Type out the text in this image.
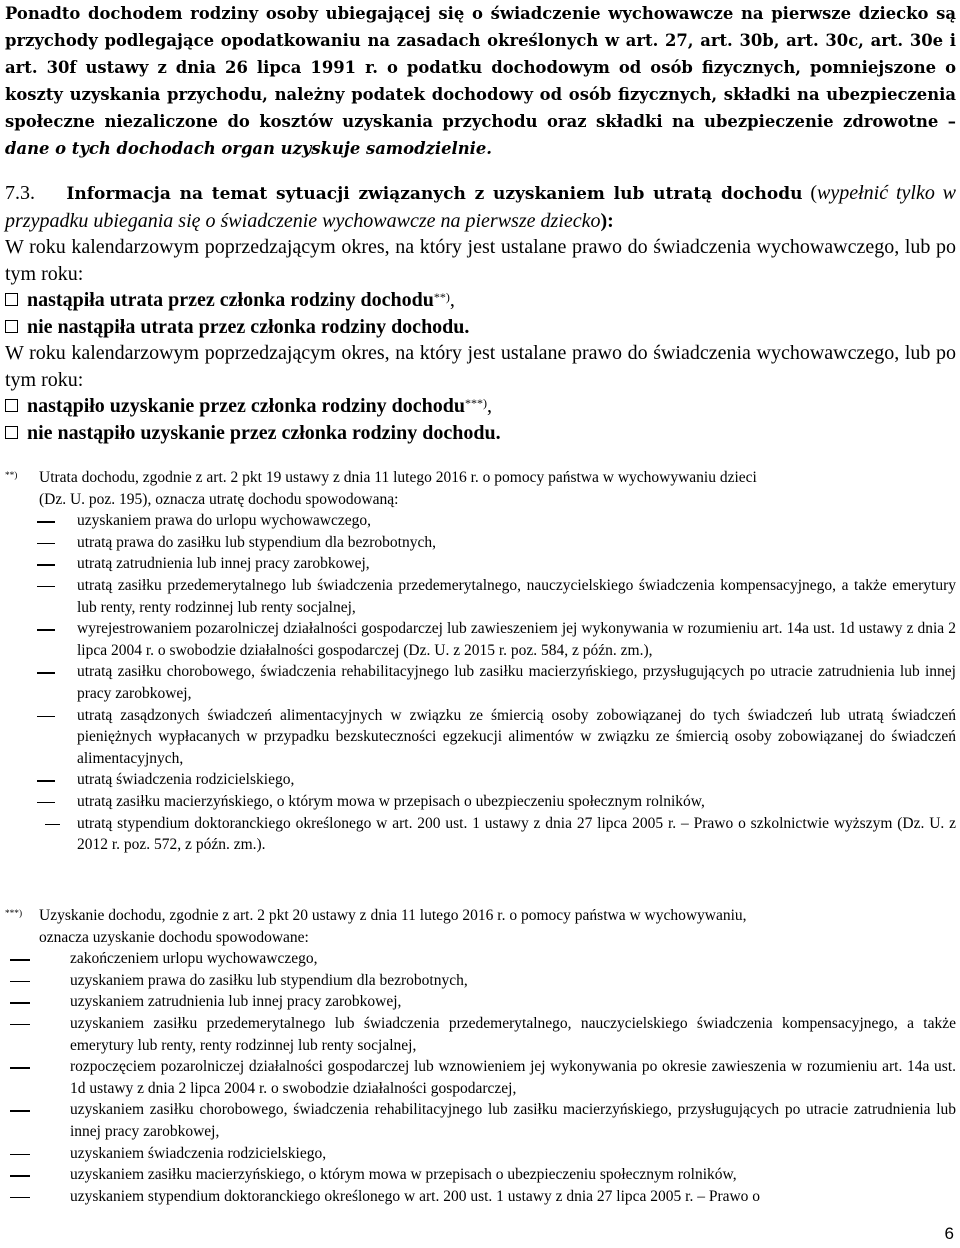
Ponadto dochodem rodziny osoby ubiegającej się o świadczenie wychowawcze na pierwsze dziecko są przychody podlegające opodatkowaniu na zasadach określonych w art. 27, art. 30b, art. 30c, art. 30e i art. 30f ustawy z dnia 26 lipca 1991 r. o podatku dochodowym od osób fizycznych, pomniejszone o koszty uzyskania przychodu, należny podatek dochodowy od osób fizycznych, składki na ubezpieczenia społeczne niezaliczone do kosztów uzyskania przychodu oraz składki na ubezpieczenie zdrowotne – dane o tych dochodach organ uzyskuje samodzielnie.
7.3. Informacja na temat sytuacji związanych z uzyskaniem lub utratą dochodu (wypełnić tylko w przypadku ubiegania się o świadczenie wychowawcze na pierwsze dziecko):
W roku kalendarzowym poprzedzającym okres, na który jest ustalane prawo do świadczenia wychowawczego, lub po tym roku:
nastąpiła utrata przez członka rodziny dochodu**),
nie nastąpiła utrata przez członka rodziny dochodu.
W roku kalendarzowym poprzedzającym okres, na który jest ustalane prawo do świadczenia wychowawczego, lub po tym roku:
nastąpiło uzyskanie przez członka rodziny dochodu***),
nie nastąpiło uzyskanie przez członka rodziny dochodu.
**) Utrata dochodu, zgodnie z art. 2 pkt 19 ustawy z dnia 11 lutego 2016 r. o pomocy państwa w wychowywaniu dzieci
(Dz. U. poz. 195), oznacza utratę dochodu spowodowaną:
uzyskaniem prawa do urlopu wychowawczego,
utratą prawa do zasiłku lub stypendium dla bezrobotnych,
utratą zatrudnienia lub innej pracy zarobkowej,
utratą zasiłku przedemerytalnego lub świadczenia przedemerytalnego, nauczycielskiego świadczenia kompensacyjnego, a także emerytury lub renty, renty rodzinnej lub renty socjalnej,
wyrejestrowaniem pozarolniczej działalności gospodarczej lub zawieszeniem jej wykonywania w rozumieniu art. 14a ust. 1d ustawy z dnia 2 lipca 2004 r. o swobodzie działalności gospodarczej (Dz. U. z 2015 r. poz. 584, z późn. zm.),
utratą zasiłku chorobowego, świadczenia rehabilitacyjnego lub zasiłku macierzyńskiego, przysługujących po utracie zatrudnienia lub innej pracy zarobkowej,
utratą zasądzonych świadczeń alimentacyjnych w związku ze śmiercią osoby zobowiązanej do tych świadczeń lub utratą świadczeń pieniężnych wypłacanych w przypadku bezskuteczności egzekucji alimentów w związku ze śmiercią osoby zobowiązanej do świadczeń alimentacyjnych,
utratą świadczenia rodzicielskiego,
utratą zasiłku macierzyńskiego, o którym mowa w przepisach o ubezpieczeniu społecznym rolników,
utratą stypendium doktoranckiego określonego w art. 200 ust. 1 ustawy z dnia 27 lipca 2005 r. – Prawo o szkolnictwie wyższym (Dz. U. z 2012 r. poz. 572, z późn. zm.).
***) Uzyskanie dochodu, zgodnie z art. 2 pkt 20 ustawy z dnia 11 lutego 2016 r. o pomocy państwa w wychowywaniu,
oznacza uzyskanie dochodu spowodowane:
zakończeniem urlopu wychowawczego,
uzyskaniem prawa do zasiłku lub stypendium dla bezrobotnych,
uzyskaniem zatrudnienia lub innej pracy zarobkowej,
uzyskaniem zasiłku przedemerytalnego lub świadczenia przedemerytalnego, nauczycielskiego świadczenia kompensacyjnego, a także emerytury lub renty, renty rodzinnej lub renty socjalnej,
rozpoczęciem pozarolniczej działalności gospodarczej lub wznowieniem jej wykonywania po okresie zawieszenia w rozumieniu art. 14a ust. 1d ustawy z dnia 2 lipca 2004 r. o swobodzie działalności gospodarczej,
uzyskaniem zasiłku chorobowego, świadczenia rehabilitacyjnego lub zasiłku macierzyńskiego, przysługujących po utracie zatrudnienia lub innej pracy zarobkowej,
uzyskaniem świadczenia rodzicielskiego,
uzyskaniem zasiłku macierzyńskiego, o którym mowa w przepisach o ubezpieczeniu społecznym rolników,
uzyskaniem stypendium doktoranckiego określonego w art. 200 ust. 1 ustawy z dnia 27 lipca 2005 r. – Prawo o
6
